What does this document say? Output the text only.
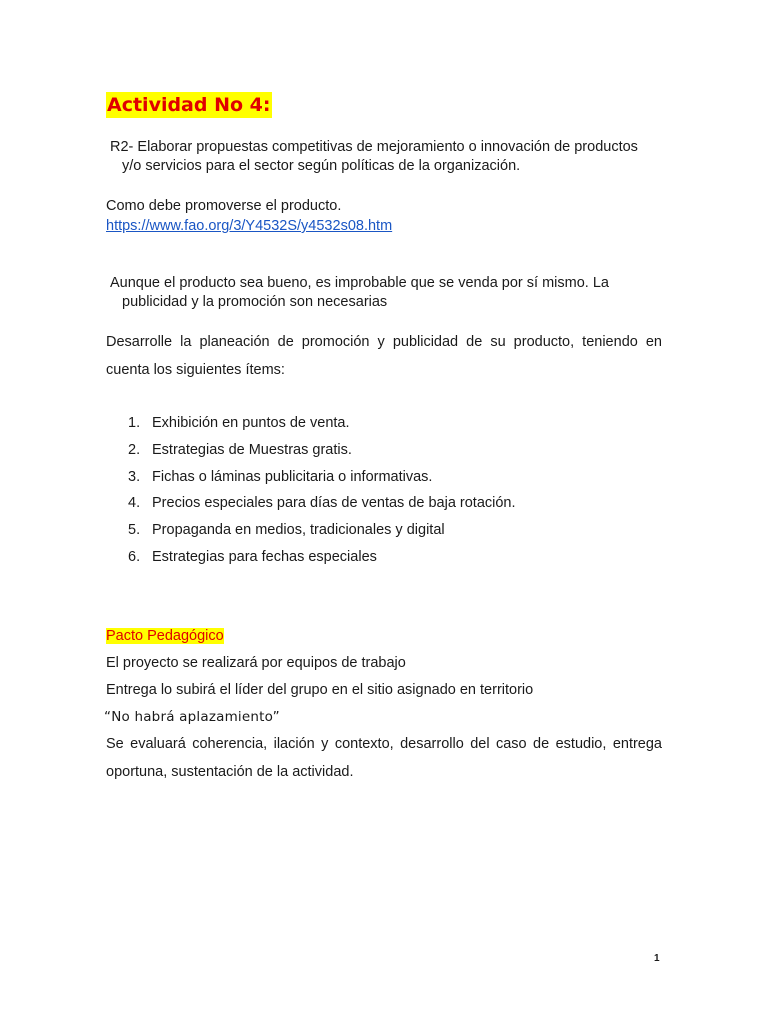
Actividad No 4:
R2- Elaborar propuestas competitivas de mejoramiento o innovación de productos
y/o servicios para el sector según políticas de la organización.
Como debe promoverse el producto.
https://www.fao.org/3/Y4532S/y4532s08.htm
Aunque el producto sea bueno, es improbable que se venda por sí mismo. La
publicidad y la promoción son necesarias
Desarrolle la planeación de promoción y publicidad de su producto, teniendo en cuenta los siguientes ítems:
1. Exhibición en puntos de venta.
2. Estrategias de Muestras gratis.
3. Fichas o láminas publicitaria o informativas.
4. Precios especiales para días de ventas de baja rotación.
5. Propaganda en medios, tradicionales y digital
6. Estrategias para fechas especiales
Pacto Pedagógico
El proyecto se realizará por equipos de trabajo
Entrega lo subirá el líder del grupo en el sitio asignado en territorio
“No habrá aplazamiento”
Se evaluará coherencia, ilación y contexto, desarrollo del caso de estudio, entrega oportuna, sustentación de la actividad.
1
